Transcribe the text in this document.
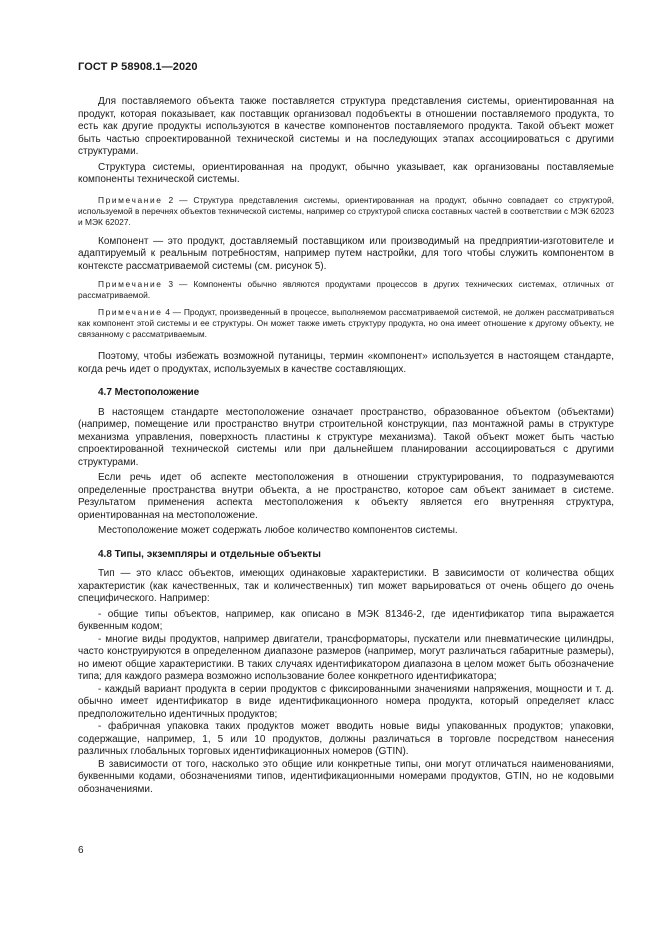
ГОСТ Р 58908.1—2020

Для поставляемого объекта также поставляется структура представления системы, ориентированная на продукт, которая показывает, как поставщик организовал подобъекты в отношении поставляемого продукта, то есть как другие продукты используются в качестве компонентов поставляемого продукта. Такой объект может быть частью спроектированной технической системы и на последующих этапах ассоциироваться с другими структурами.

Структура системы, ориентированная на продукт, обычно указывает, как организованы поставляемые компоненты технической системы.

Примечание 2 — Структура представления системы, ориентированная на продукт, обычно совпадает со структурой, используемой в перечнях объектов технической системы, например со структурой списка составных частей в соответствии с МЭК 62023 и МЭК 62027.

Компонент — это продукт, доставляемый поставщиком или производимый на предприятии-изготовителе и адаптируемый к реальным потребностям, например путем настройки, для того чтобы служить компонентом в контексте рассматриваемой системы (см. рисунок 5).

Примечание 3 — Компоненты обычно являются продуктами процессов в других технических системах, отличных от рассматриваемой.

Примечание 4 — Продукт, произведенный в процессе, выполняемом рассматриваемой системой, не должен рассматриваться как компонент этой системы и ее структуры. Он может также иметь структуру продукта, но она имеет отношение к другому объекту, не связанному с рассматриваемым.

Поэтому, чтобы избежать возможной путаницы, термин «компонент» используется в настоящем стандарте, когда речь идет о продуктах, используемых в качестве составляющих.

4.7 Местоположение

В настоящем стандарте местоположение означает пространство, образованное объектом (объектами) (например, помещение или пространство внутри строительной конструкции, паз монтажной рамы в структуре механизма управления, поверхность пластины к структуре механизма). Такой объект может быть частью спроектированной технической системы или при дальнейшем планировании ассоциироваться с другими структурами.

Если речь идет об аспекте местоположения в отношении структурирования, то подразумеваются определенные пространства внутри объекта, а не пространство, которое сам объект занимает в системе. Результатом применения аспекта местоположения к объекту является его внутренняя структура, ориентированная на местоположение.

Местоположение может содержать любое количество компонентов системы.

4.8 Типы, экземпляры и отдельные объекты

Тип — это класс объектов, имеющих одинаковые характеристики. В зависимости от количества общих характеристик (как качественных, так и количественных) тип может варьироваться от очень общего до очень специфического. Например:

- общие типы объектов, например, как описано в МЭК 81346-2, где идентификатор типа выражается буквенным кодом;

- многие виды продуктов, например двигатели, трансформаторы, пускатели или пневматические цилиндры, часто конструируются в определенном диапазоне размеров (например, могут различаться габаритные размеры), но имеют общие характеристики. В таких случаях идентификатором диапазона в целом может быть обозначение типа; для каждого размера возможно использование более конкретного идентификатора;

- каждый вариант продукта в серии продуктов с фиксированными значениями напряжения, мощности и т. д. обычно имеет идентификатор в виде идентификационного номера продукта, который определяет класс предположительно идентичных продуктов;

- фабричная упаковка таких продуктов может вводить новые виды упакованных продуктов; упаковки, содержащие, например, 1, 5 или 10 продуктов, должны различаться в торговле посредством нанесения различных глобальных торговых идентификационных номеров (GTIN).

В зависимости от того, насколько это общие или конкретные типы, они могут отличаться наименованиями, буквенными кодами, обозначениями типов, идентификационными номерами продуктов, GTIN, но не кодовыми обозначениями.

6
